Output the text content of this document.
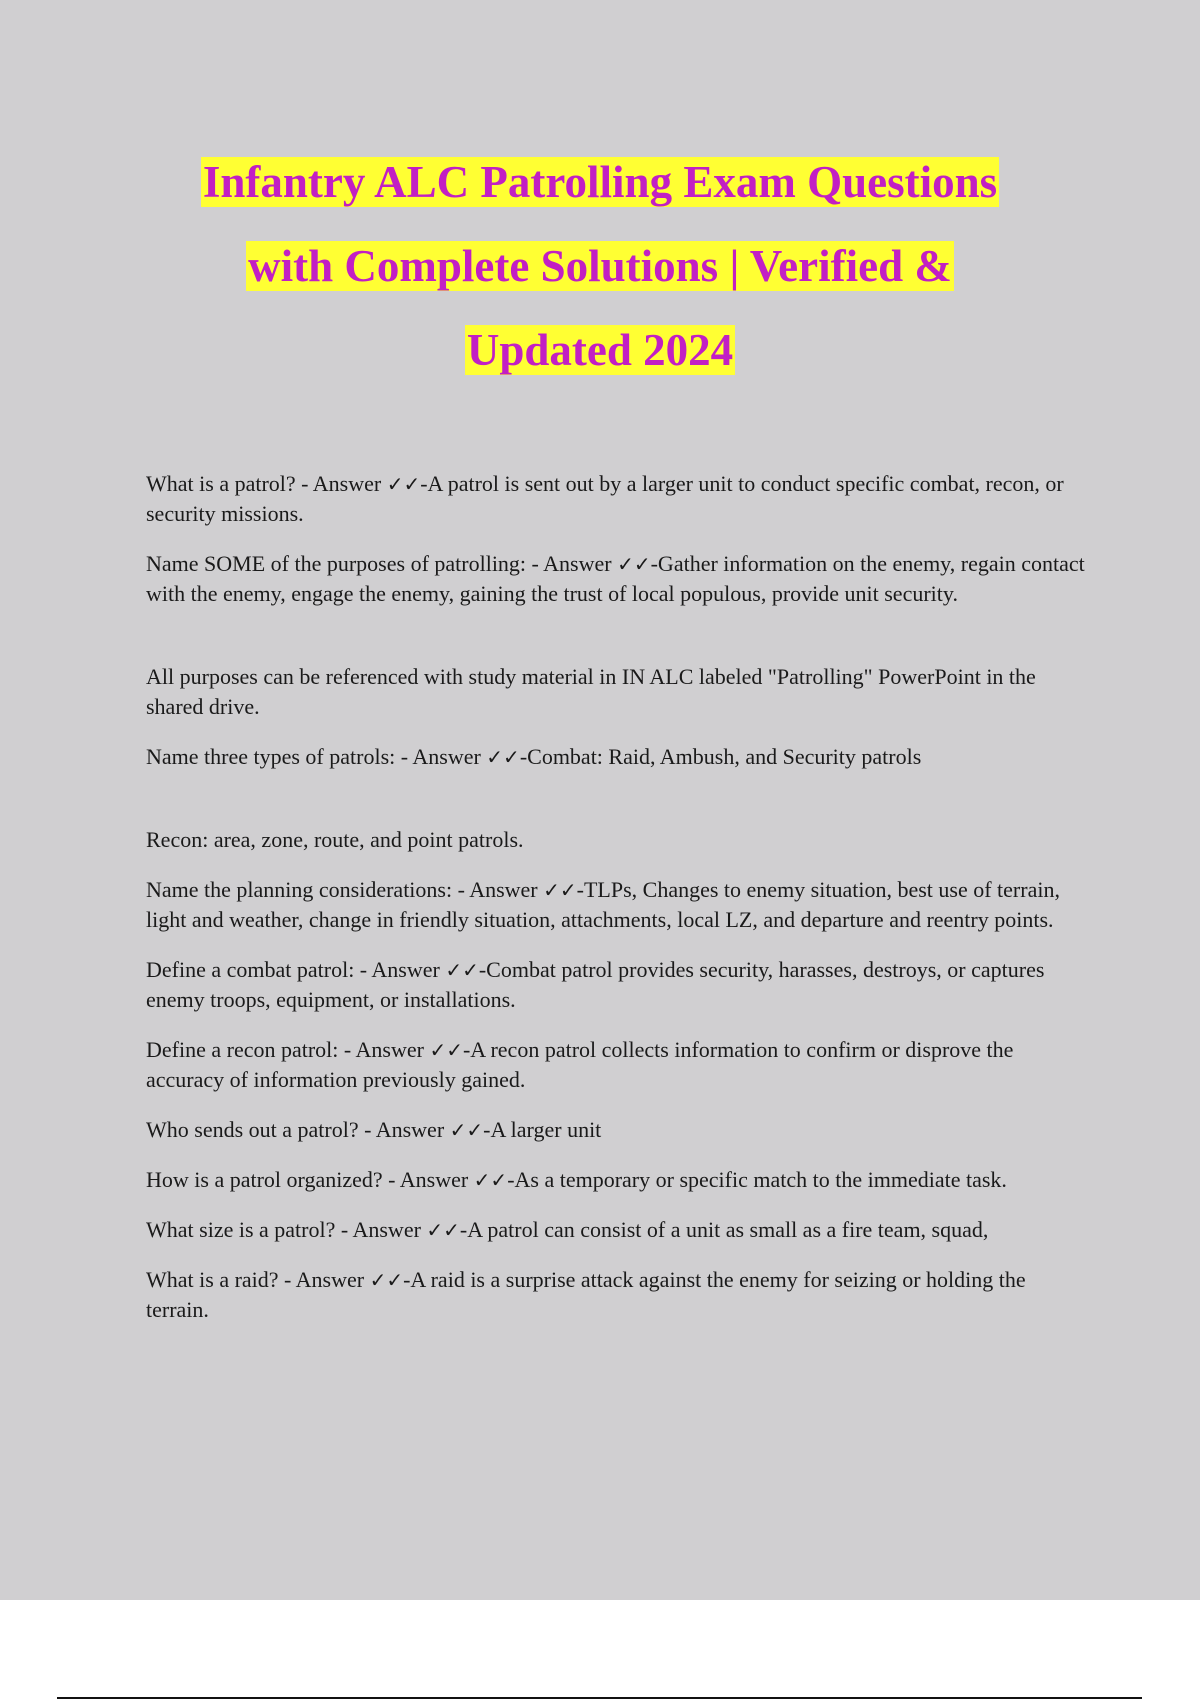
Infantry ALC Patrolling Exam Questions
with Complete Solutions | Verified &
Updated 2024

What is a patrol? - Answer ✓✓-A patrol is sent out by a larger unit to conduct specific combat, recon, or security missions.

Name SOME of the purposes of patrolling: - Answer ✓✓-Gather information on the enemy, regain contact with the enemy, engage the enemy, gaining the trust of local populous, provide unit security.

All purposes can be referenced with study material in IN ALC labeled "Patrolling" PowerPoint in the shared drive.

Name three types of patrols: - Answer ✓✓-Combat: Raid, Ambush, and Security patrols

Recon: area, zone, route, and point patrols.

Name the planning considerations: - Answer ✓✓-TLPs, Changes to enemy situation, best use of terrain, light and weather, change in friendly situation, attachments, local LZ, and departure and reentry points.

Define a combat patrol: - Answer ✓✓-Combat patrol provides security, harasses, destroys, or captures enemy troops, equipment, or installations.

Define a recon patrol: - Answer ✓✓-A recon patrol collects information to confirm or disprove the accuracy of information previously gained.

Who sends out a patrol? - Answer ✓✓-A larger unit

How is a patrol organized? - Answer ✓✓-As a temporary or specific match to the immediate task.

What size is a patrol? - Answer ✓✓-A patrol can consist of a unit as small as a fire team, squad,

What is a raid? - Answer ✓✓-A raid is a surprise attack against the enemy for seizing or holding the terrain.
